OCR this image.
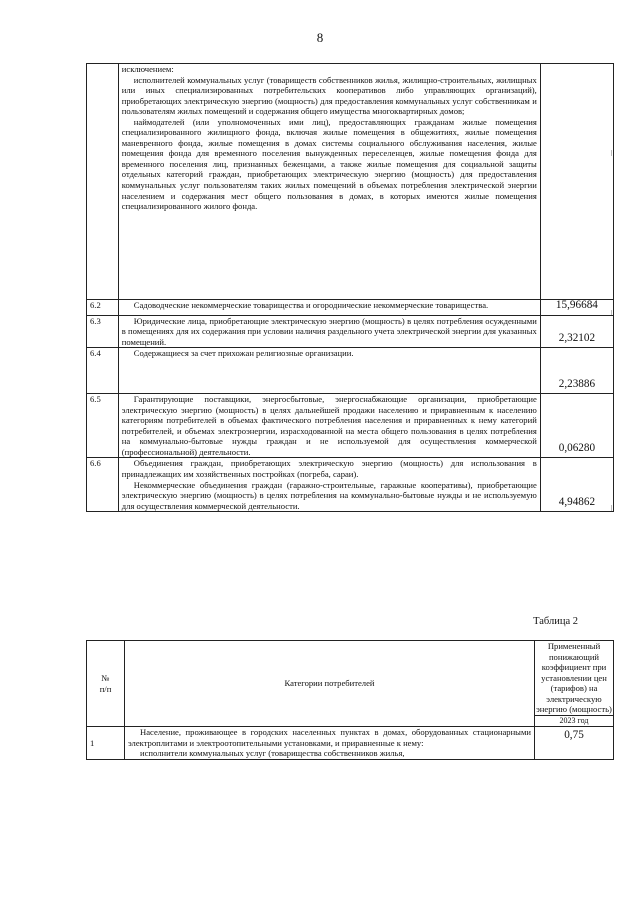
8

	исключением:

исполнителей коммунальных услуг (товариществ собственников жилья, жилищно-строительных, жилищных или иных специализированных потребительских кооперативов либо управляющих организаций), приобретающих электрическую энергию (мощность) для предоставления коммунальных услуг собственникам и пользователям жилых помещений и содержания общего имущества многоквартирных домов;

наймодателей (или уполномоченных ими лиц), предоставляющих гражданам жилые помещения специализированного жилищного фонда, включая жилые помещения в общежитиях, жилые помещения маневренного фонда, жилые помещения в домах системы социального обслуживания населения, жилые помещения фонда для временного поселения вынужденных переселенцев, жилые помещения фонда для временного поселения лиц, признанных беженцами, а также жилые помещения для социальной защиты отдельных категорий граждан, приобретающих электрическую энергию (мощность) для предоставления коммунальных услуг пользователям таких жилых помещений в объемах потребления электрической энергии населением и содержания мест общего пользования в домах, в которых имеются жилые помещения специализированного жилого фонда.	

6.2	Садоводческие некоммерческие товарищества и огороднические некоммерческие товарищества.	15,96684
6.3	Юридические лица, приобретающие электрическую энергию (мощность) в целях потребления осужденными в помещениях для их содержания при условии наличия раздельного учета электрической энергии для указанных помещений.	2,32102
6.4	Содержащиеся за счет прихожан религиозные организации.	2,23886
6.5	Гарантирующие поставщики, энергосбытовые, энергоснабжающие организации, приобретающие электрическую энергию (мощность) в целях дальнейшей продажи населению и приравненным к населению категориям потребителей в объемах фактического потребления населения и приравненных к нему категорий потребителей, и объемах электроэнергии, израсходованной на места общего пользования в целях потребления на коммунально-бытовые нужды граждан и не используемой для осуществления коммерческой (профессиональной) деятельности.	0,06280
6.6	Объединения граждан, приобретающих электрическую энергию (мощность) для использования в принадлежащих им хозяйственных постройках (погреба, сараи).

Некоммерческие объединения граждан (гаражно-строительные, гаражные кооперативы), приобретающие электрическую энергию (мощность) в целях потребления на коммунально-бытовые нужды и не используемую для осуществления коммерческой деятельности.	4,94862
Таблица 2
№
п/п	Категории потребителей	Примененный понижающий коэффициент при установлении цен (тарифов) на электрическую энергию (мощность)
		2023 год
1	Население, проживающее в городских населенных пунктах в домах, оборудованных стационарными электроплитами и электроотопительными установками, и приравненные к нему:

исполнители коммунальных услуг (товарищества собственников жилья,	0,75
